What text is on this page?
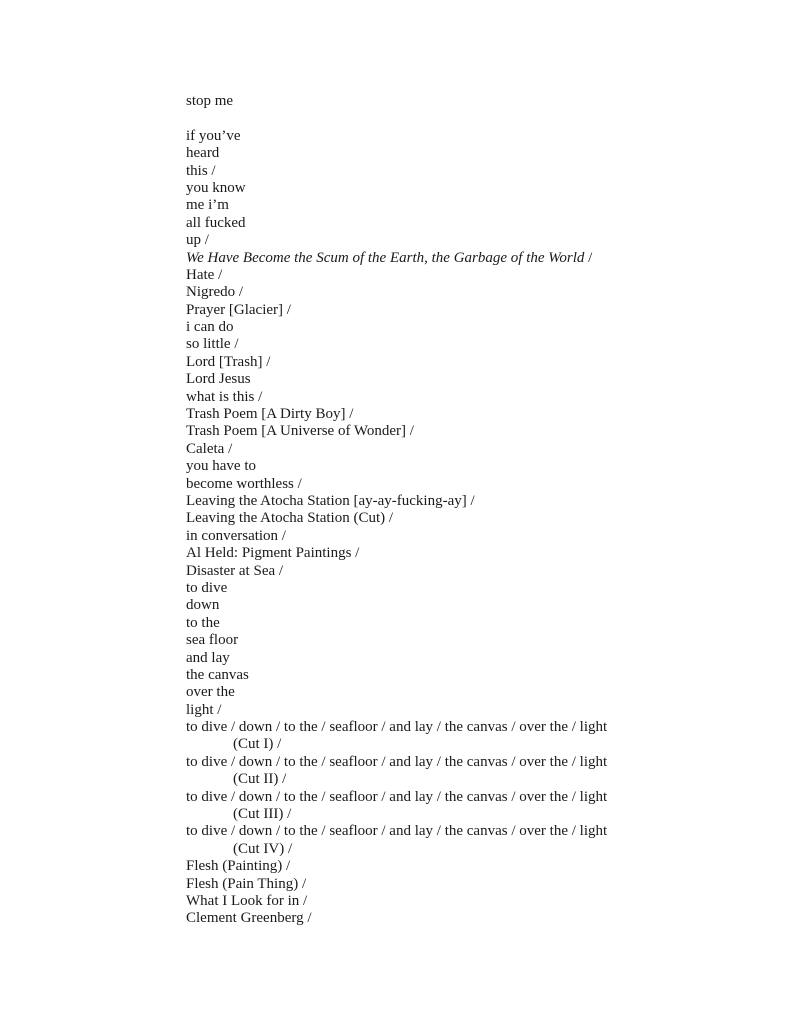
stop me
if you’ve
heard
this /
you know
me i’m
all fucked
up /
We Have Become the Scum of the Earth, the Garbage of the World /
Hate /
Nigredo /
Prayer [Glacier] /
i can do
so little /
Lord [Trash] /
Lord Jesus
what is this /
Trash Poem [A Dirty Boy] /
Trash Poem [A Universe of Wonder] /
Caleta /
you have to
become worthless /
Leaving the Atocha Station [ay-ay-fucking-ay] /
Leaving the Atocha Station (Cut) /
in conversation /
Al Held: Pigment Paintings /
Disaster at Sea /
to dive
down
to the
sea floor
and lay
the canvas
over the
light /
to dive / down / to the / seafloor / and lay / the canvas / over the / light
(Cut I) /
to dive / down / to the / seafloor / and lay / the canvas / over the / light
(Cut II) /
to dive / down / to the / seafloor / and lay / the canvas / over the / light
(Cut III) /
to dive / down / to the / seafloor / and lay / the canvas / over the / light
(Cut IV) /
Flesh (Painting) /
Flesh (Pain Thing) /
What I Look for in /
Clement Greenberg /
